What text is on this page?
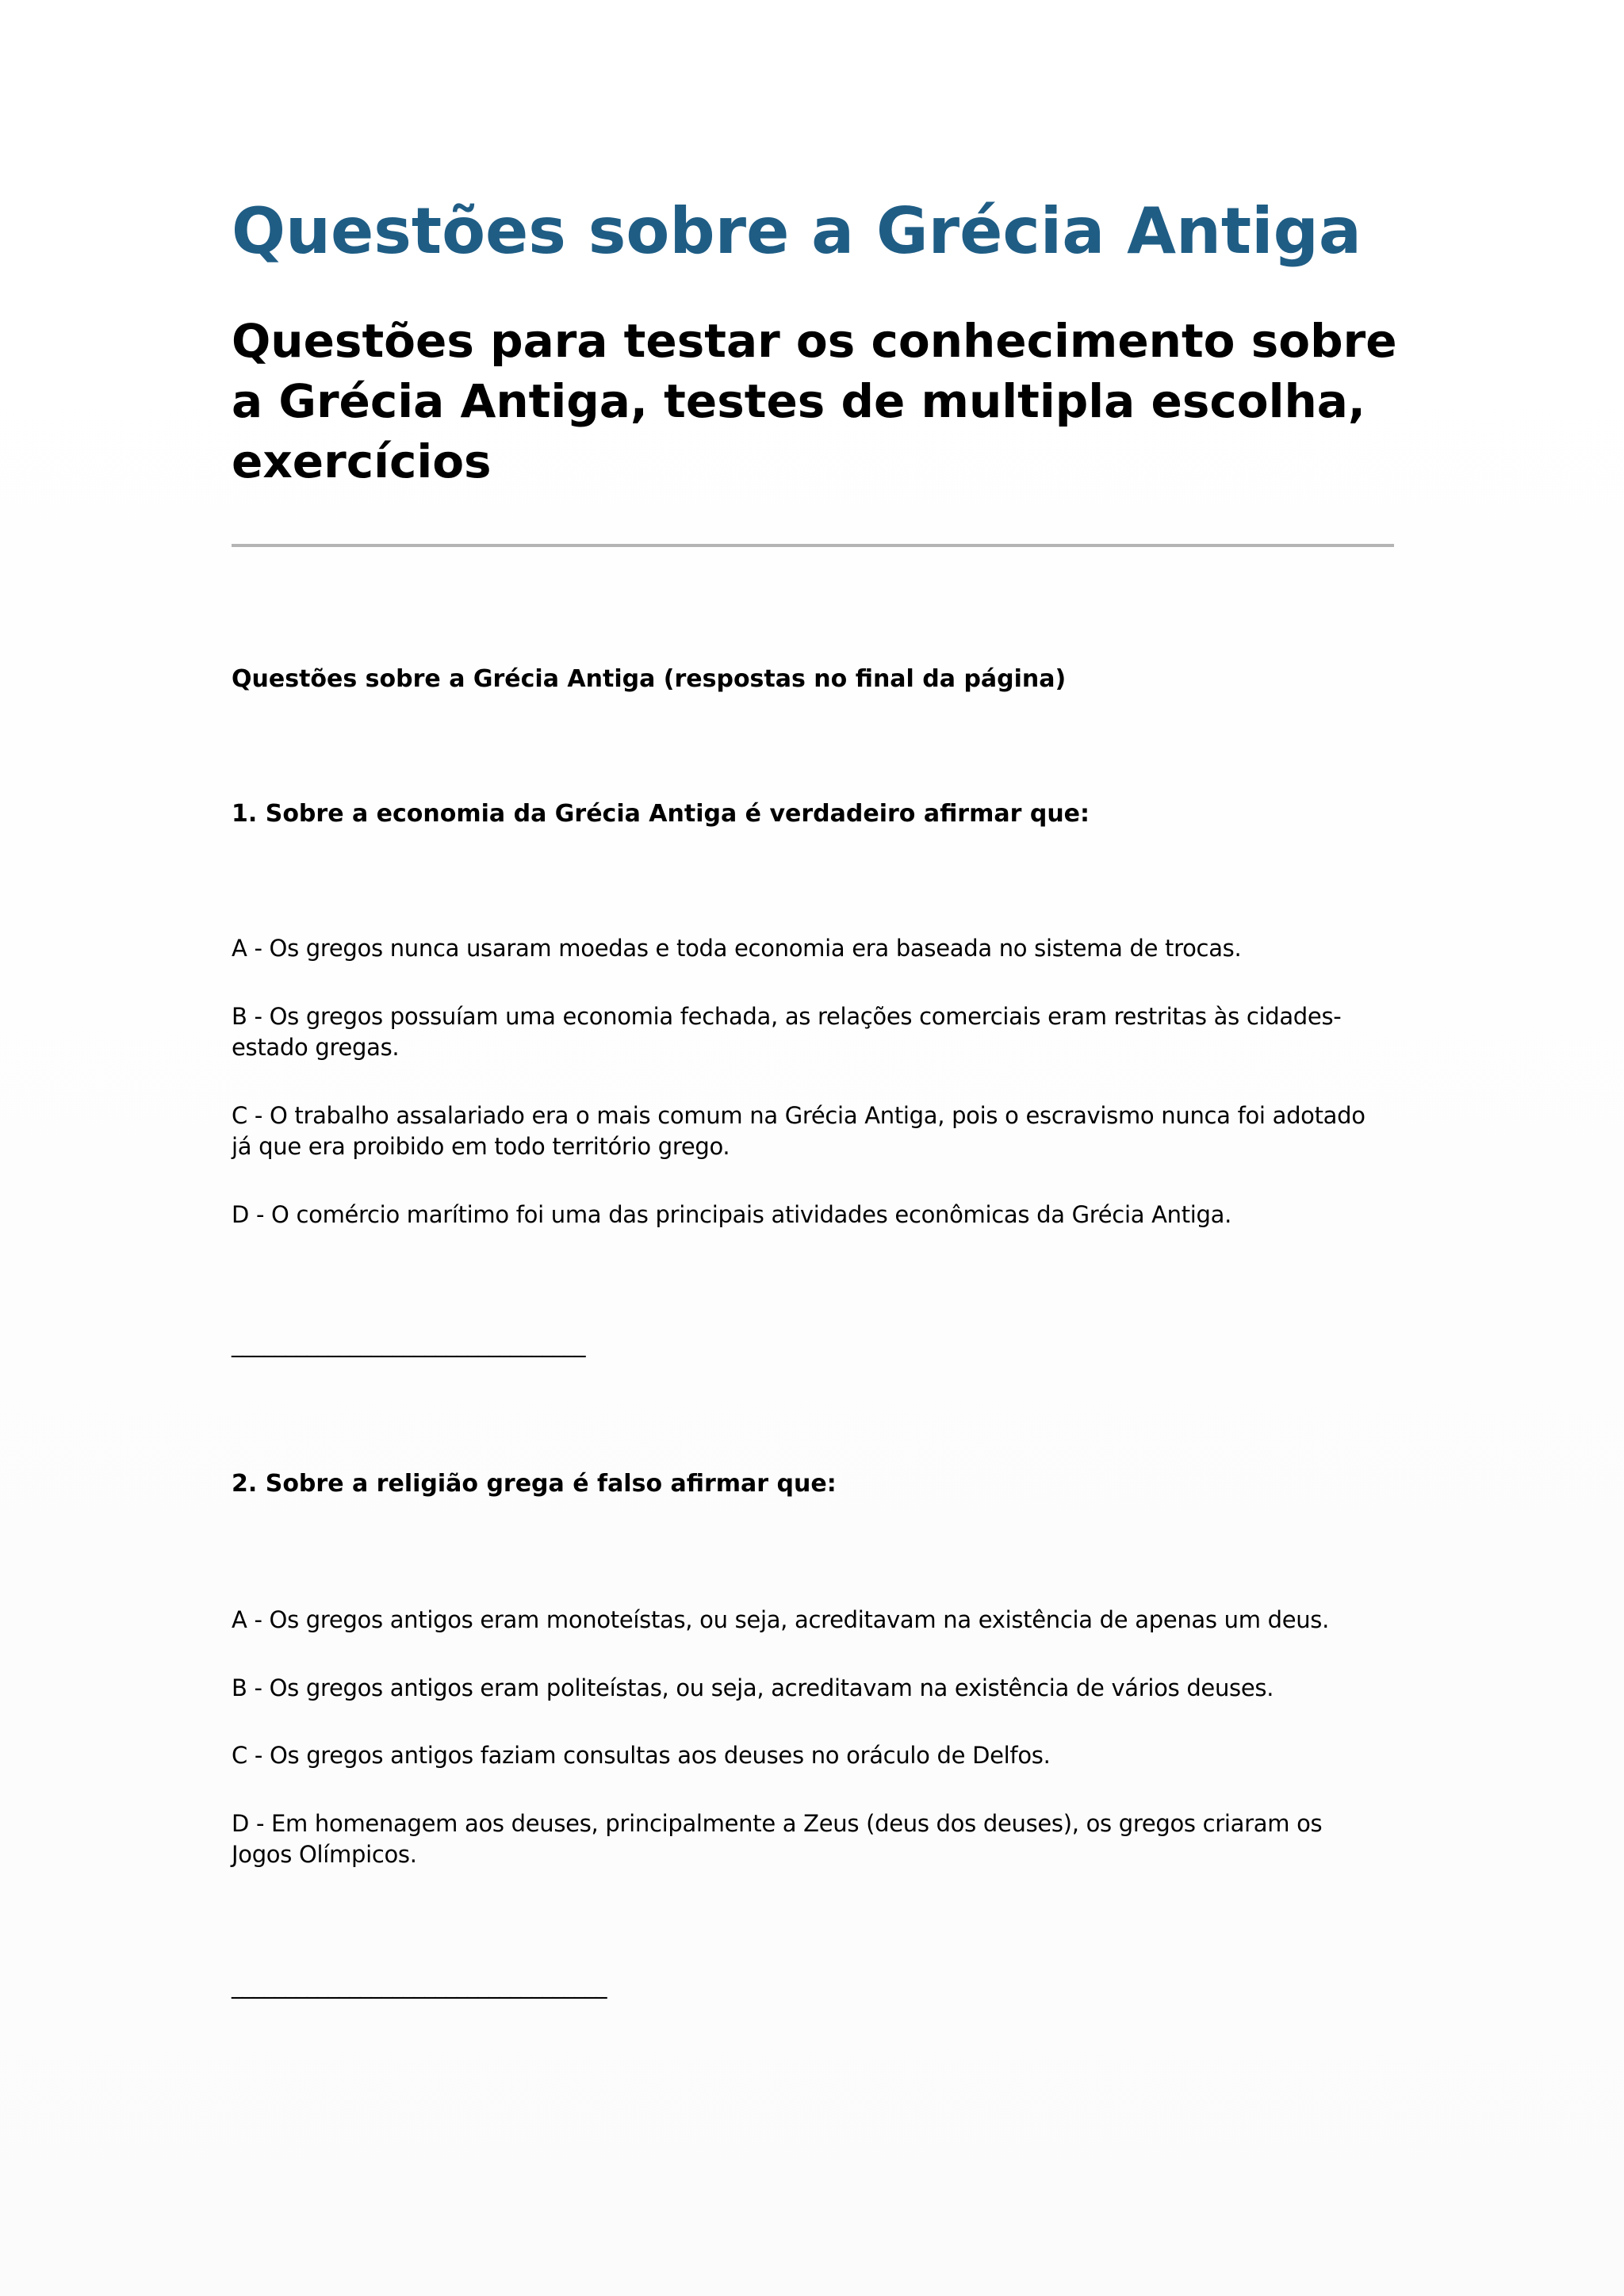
Questões sobre a Grécia Antiga
Questões para testar os conhecimento sobre a Grécia Antiga, testes de multipla escolha, exercícios

Questões sobre a Grécia Antiga (respostas no final da página)

1. Sobre a economia da Grécia Antiga é verdadeiro afirmar que:

A - Os gregos nunca usaram moedas e toda economia era baseada no sistema de trocas.

B - Os gregos possuíam uma economia fechada, as relações comerciais eram restritas às cidades-estado gregas.

C - O trabalho assalariado era o mais comum na Grécia Antiga, pois o escravismo nunca foi adotado já que era proibido em todo território grego.

D - O comércio marítimo foi uma das principais atividades econômicas da Grécia Antiga.

_________________________________

2. Sobre a religião grega é falso afirmar que:

A - Os gregos antigos eram monoteístas, ou seja, acreditavam na existência de apenas um deus.

B - Os gregos antigos eram politeístas, ou seja, acreditavam na existência de vários deuses.

C - Os gregos antigos faziam consultas aos deuses no oráculo de Delfos.

D - Em homenagem aos deuses, principalmente a Zeus (deus dos deuses), os gregos criaram os Jogos Olímpicos.

___________________________________
